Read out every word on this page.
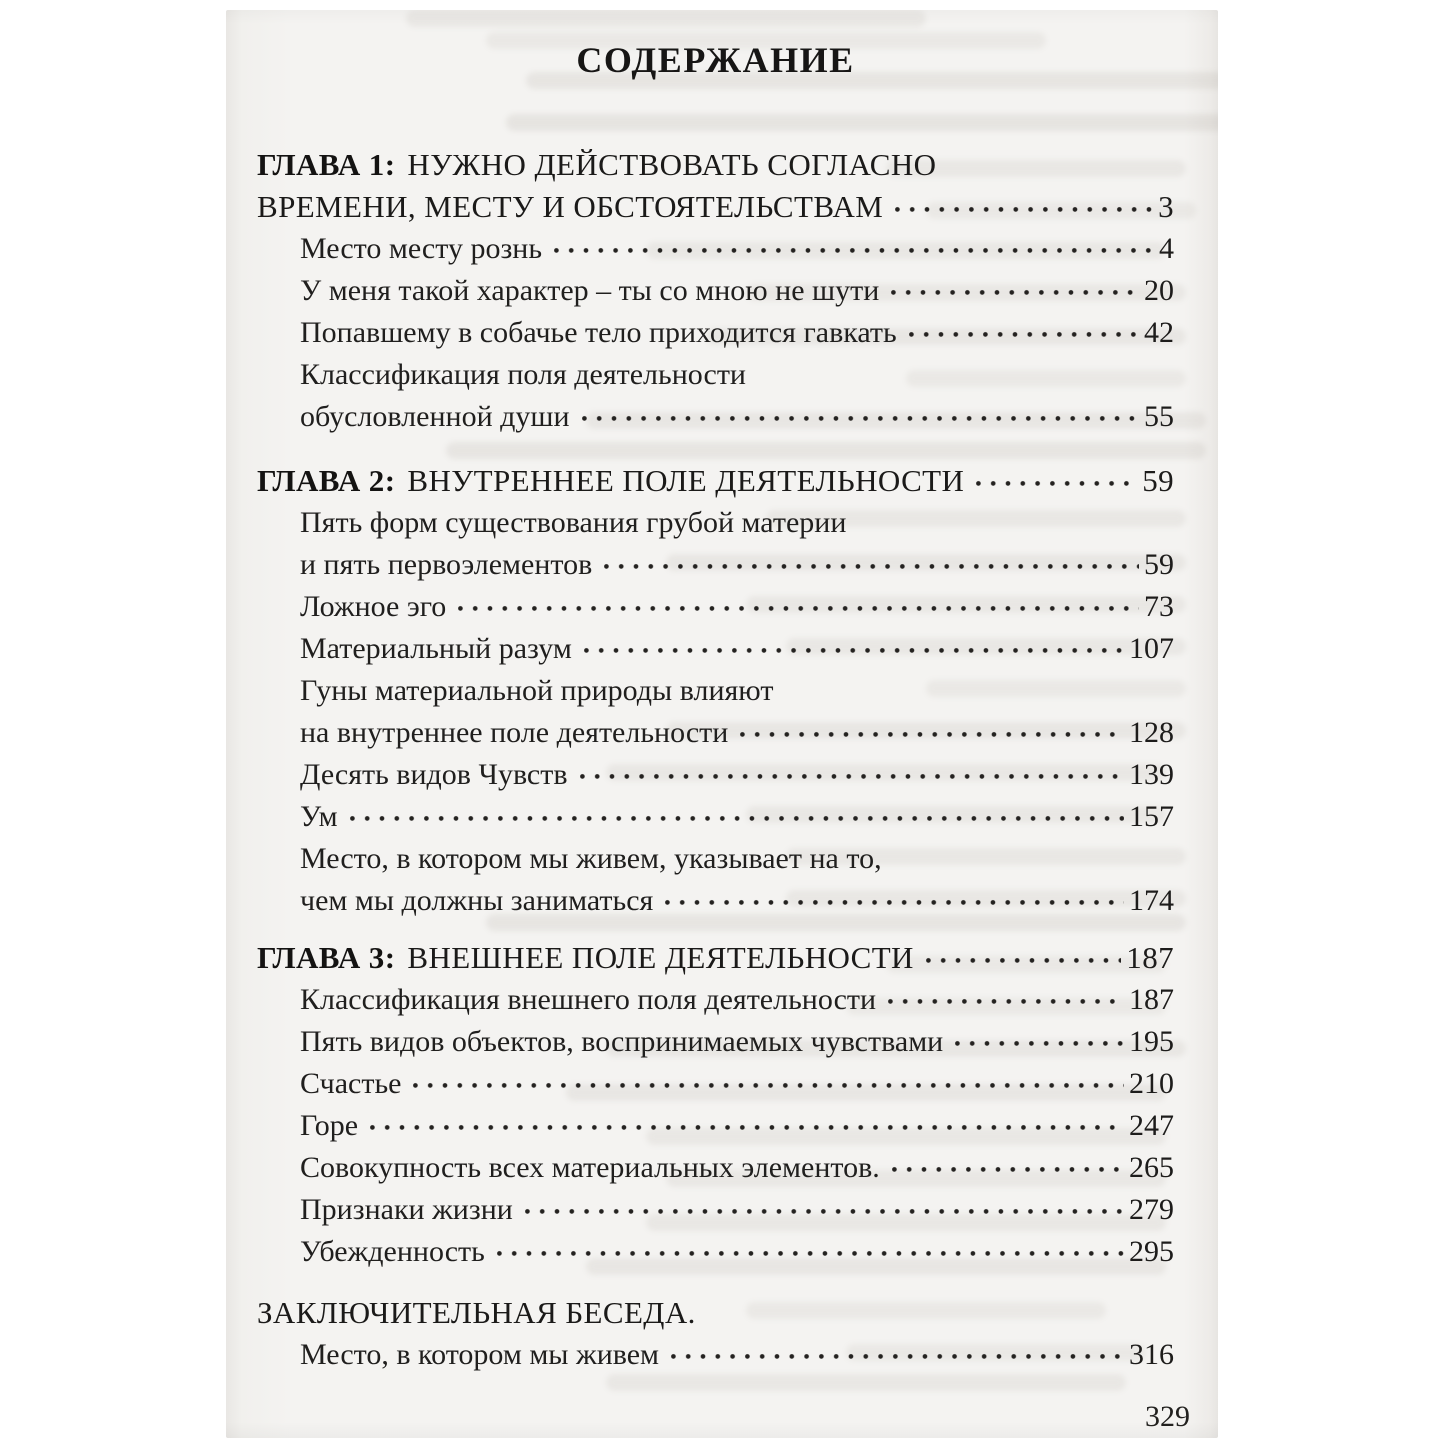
СОДЕРЖАНИЕ
ГЛАВА 1: НУЖНО ДЕЙСТВОВАТЬ СОГЛАСНО
ВРЕМЕНИ, МЕСТУ И ОБСТОЯТЕЛЬСТВАМ	3
Место месту рознь	4
У меня такой характер – ты со мною не шути	20
Попавшему в собачье тело приходится гавкать	42
Классификация поля деятельности
обусловленной души	55
ГЛАВА 2: ВНУТРЕННЕЕ ПОЛЕ ДЕЯТЕЛЬНОСТИ	59
Пять форм существования грубой материи
и пять первоэлементов	59
Ложное эго	73
Материальный разум	107
Гуны материальной природы влияют
на внутреннее поле деятельности	128
Десять видов Чувств	139
Ум	157
Место, в котором мы живем, указывает на то,
чем мы должны заниматься	174
ГЛАВА 3: ВНЕШНЕЕ ПОЛЕ ДЕЯТЕЛЬНОСТИ	187
Классификация внешнего поля деятельности	187
Пять видов объектов, воспринимаемых чувствами	195
Счастье	210
Горе	247
Совокупность всех материальных элементов.	265
Признаки жизни	279
Убежденность	295
ЗАКЛЮЧИТЕЛЬНАЯ БЕСЕДА.
Место, в котором мы живем	316
329
